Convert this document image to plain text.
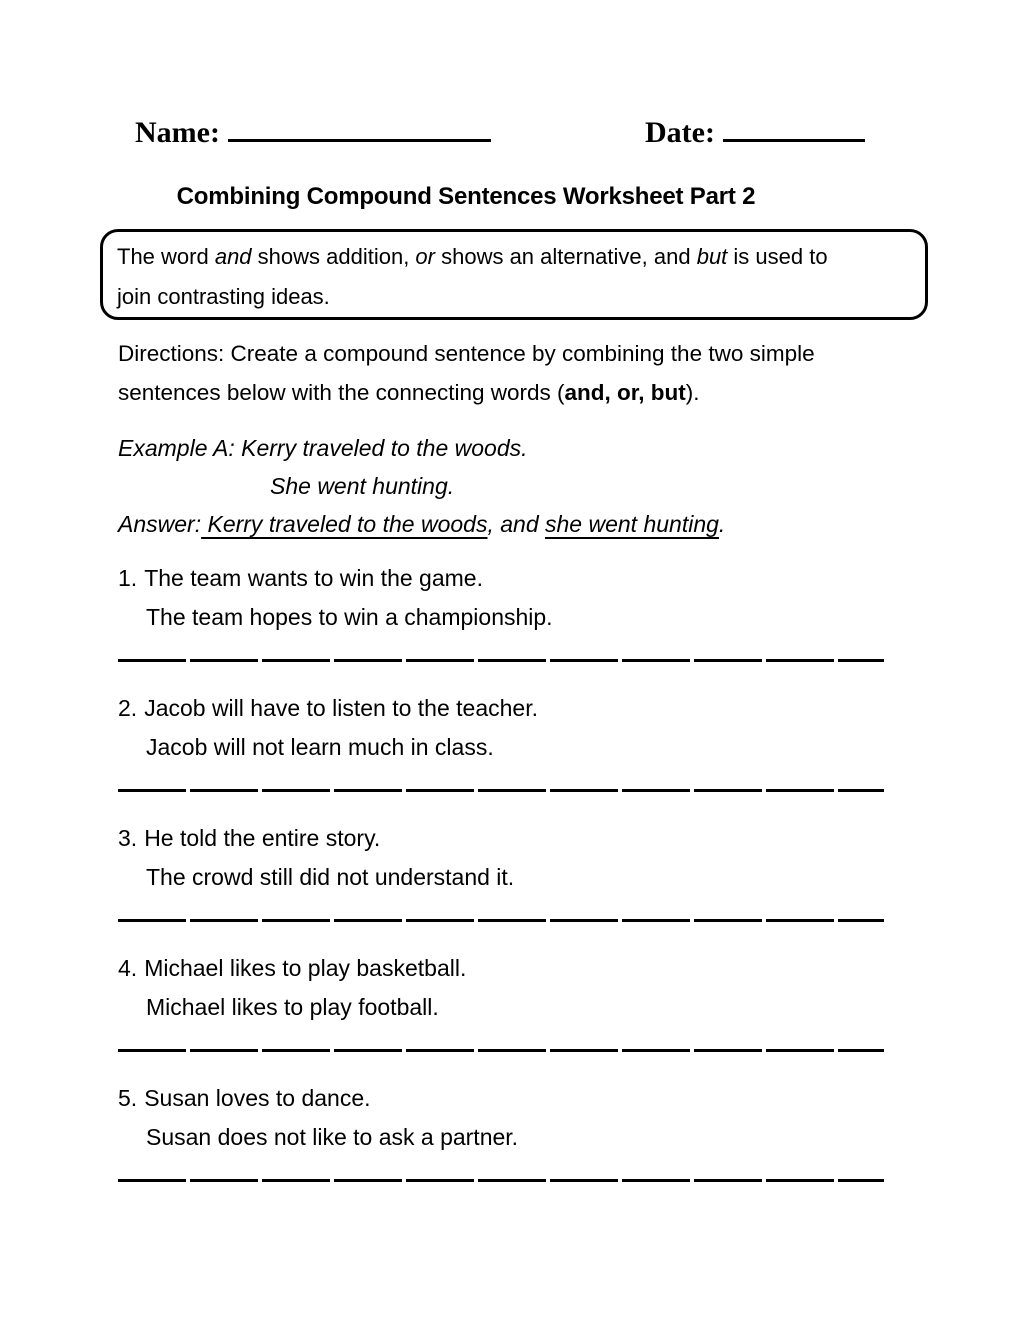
Name:	Date:
Combining Compound Sentences Worksheet Part 2
The word and shows addition, or shows an alternative, and but is used to
join contrasting ideas.
Directions: Create a compound sentence by combining the two simple
sentences below with the connecting words (and, or, but).
Example A: Kerry traveled to the woods.
She went hunting.
Answer: Kerry traveled to the woods, and she went hunting.
1. The team wants to win the game.
The team hopes to win a championship.
2. Jacob will have to listen to the teacher.
Jacob will not learn much in class.
3. He told the entire story.
The crowd still did not understand it.
4. Michael likes to play basketball.
Michael likes to play football.
5. Susan loves to dance.
Susan does not like to ask a partner.
